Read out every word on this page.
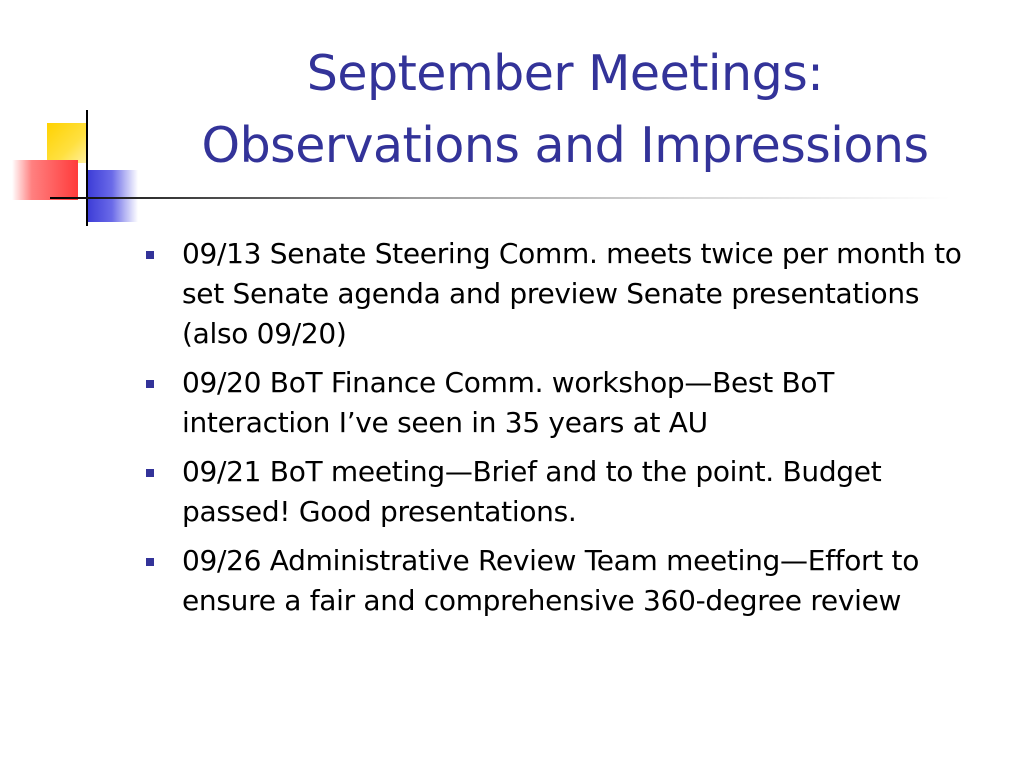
September Meetings:
Observations and Impressions
09/13 Senate Steering Comm. meets twice per month to set Senate agenda and preview Senate presentations (also 09/20)
09/20 BoT Finance Comm. workshop—Best BoT interaction I’ve seen in 35 years at AU
09/21 BoT meeting—Brief and to the point. Budget passed! Good presentations.
09/26 Administrative Review Team meeting—Effort to ensure a fair and comprehensive 360-degree review
